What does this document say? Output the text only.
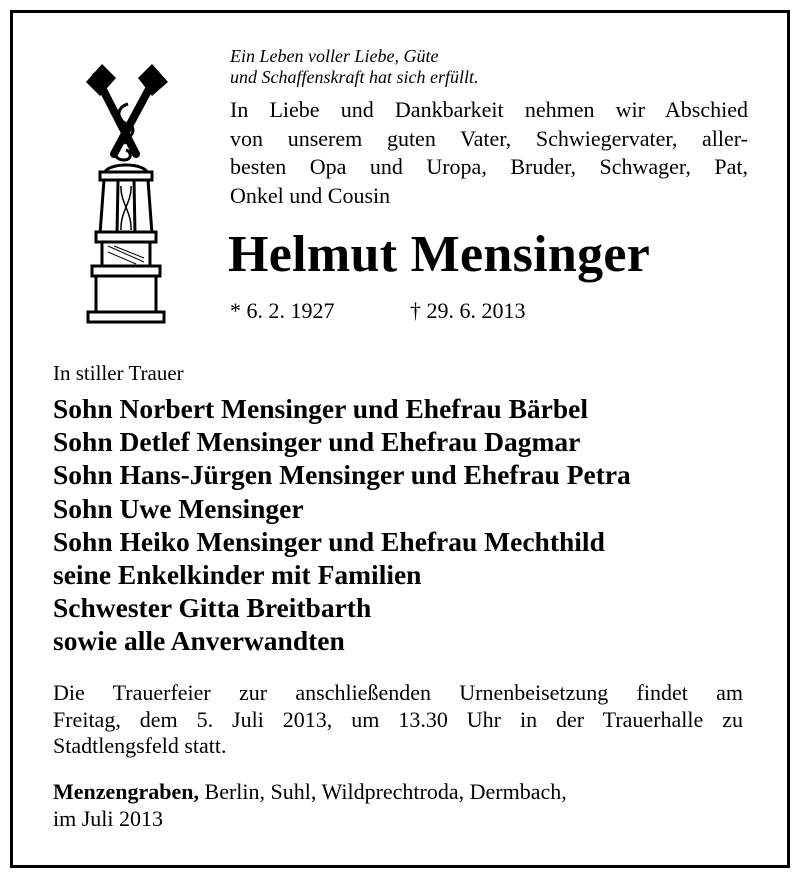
Ein Leben voller Liebe, Güte
und Schaffenskraft hat sich erfüllt.
In Liebe und Dankbarkeit nehmen wir Abschied
von unserem guten Vater, Schwiegervater, aller-
besten Opa und Uropa, Bruder, Schwager, Pat,
Onkel und Cousin
Helmut Mensinger
* 6. 2. 1927	† 29. 6. 2013
In stiller Trauer
Sohn Norbert Mensinger und Ehefrau Bärbel
Sohn Detlef Mensinger und Ehefrau Dagmar
Sohn Hans-Jürgen Mensinger und Ehefrau Petra
Sohn Uwe Mensinger
Sohn Heiko Mensinger und Ehefrau Mechthild
seine Enkelkinder mit Familien
Schwester Gitta Breitbarth
sowie alle Anverwandten
Die Trauerfeier zur anschließenden Urnenbeisetzung findet am
Freitag, dem 5. Juli 2013, um 13.30 Uhr in der Trauerhalle zu
Stadtlengsfeld statt.
Menzengraben, Berlin, Suhl, Wildprechtroda, Dermbach,
im Juli 2013
